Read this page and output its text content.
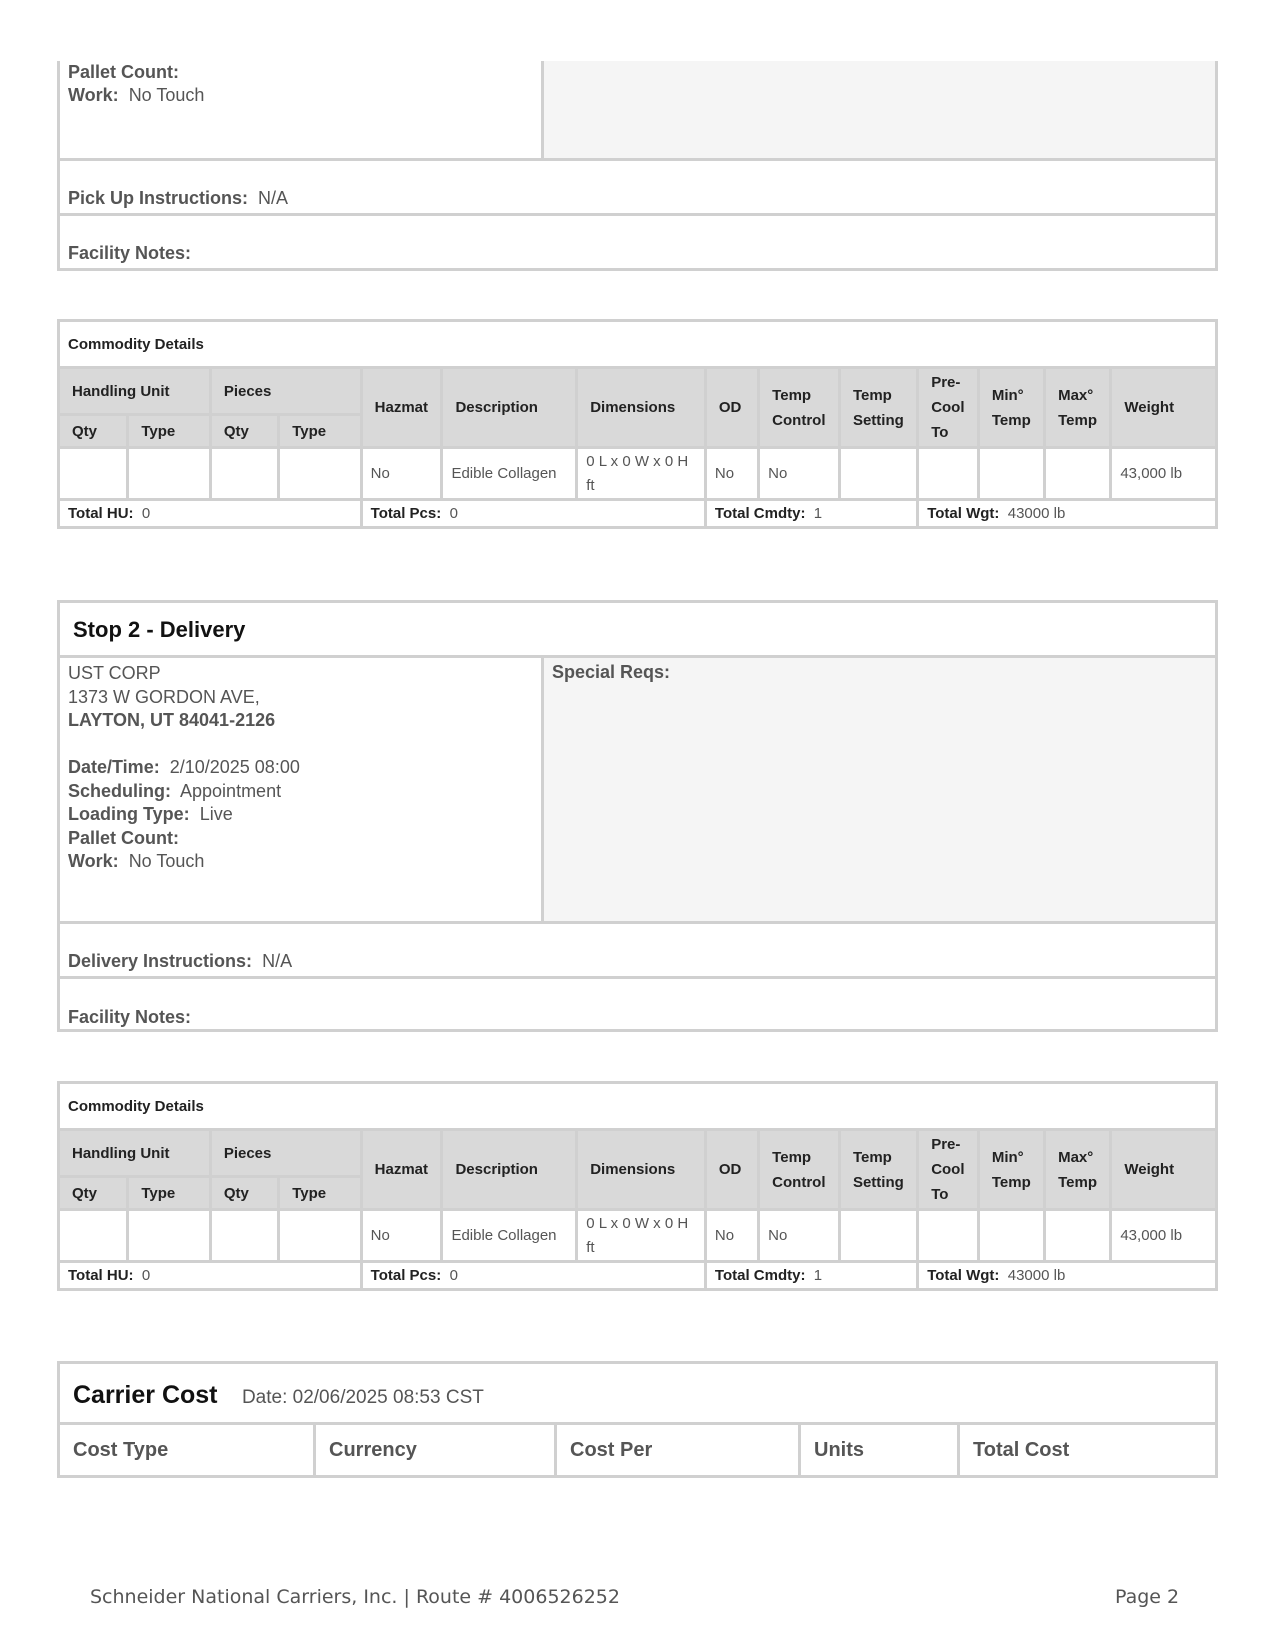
Pallet Count:
Work: No Touch
Pick Up Instructions: N/A
Facility Notes:
Commodity Details													
Handling Unit		Pieces		Hazmat	Description	Dimensions	OD	Temp Control	Temp Setting	Pre-Cool To	Min° Temp	Max° Temp	Weight
Qty	Type	Qty	Type										
				No	Edible Collagen	0 L x 0 W x 0 H ft	No	No					43,000 lb
Total HU: 0				Total Pcs: 0			Total Cmdty: 1			Total Wgt: 43000 lb			
Stop 2 - Delivery
UST CORP
1373 W GORDON AVE,
LAYTON, UT 84041-2126
Date/Time: 2/10/2025 08:00
Scheduling: Appointment
Loading Type: Live
Pallet Count:
Work: No Touch
Special Reqs:
Delivery Instructions: N/A
Facility Notes:
Commodity Details													
Handling Unit		Pieces		Hazmat	Description	Dimensions	OD	Temp Control	Temp Setting	Pre-Cool To	Min° Temp	Max° Temp	Weight
Qty	Type	Qty	Type										
				No	Edible Collagen	0 L x 0 W x 0 H ft	No	No					43,000 lb
Total HU: 0				Total Pcs: 0			Total Cmdty: 1			Total Wgt: 43000 lb			
Carrier Cost Date: 02/06/2025 08:53 CST
Cost Type	Currency	Cost Per	Units	Total Cost
Schneider National Carriers, Inc. | Route # 4006526252	Page 2
